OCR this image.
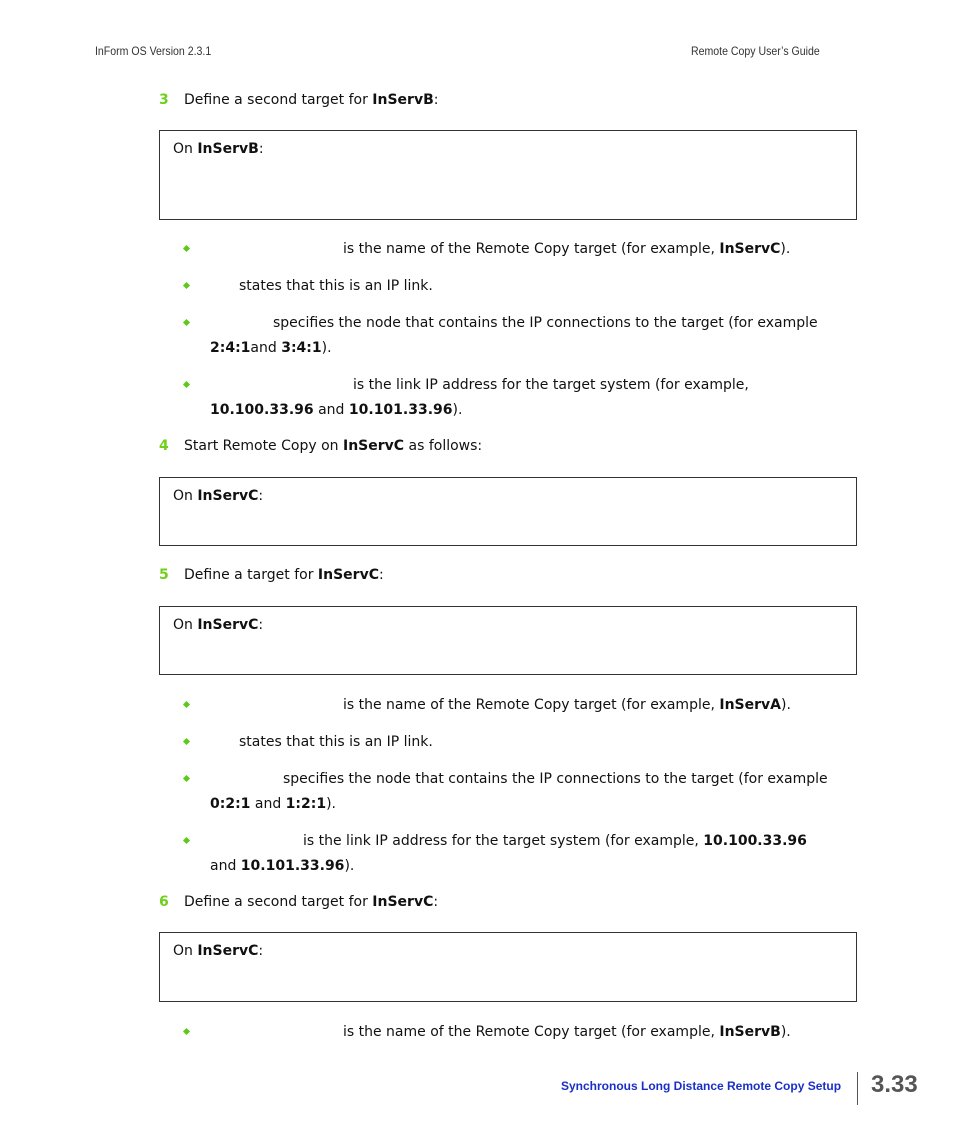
InForm OS Version 2.3.1	Remote Copy User’s Guide
3 Define a second target for InServB:
On InServB:
is the name of the Remote Copy target (for example, InServC).
states that this is an IP link.
specifies the node that contains the IP connections to the target (for example
2:4:1and 3:4:1).
is the link IP address for the target system (for example,
10.100.33.96 and 10.101.33.96).
4 Start Remote Copy on InServC as follows:
On InServC:
5 Define a target for InServC:
On InServC:
is the name of the Remote Copy target (for example, InServA).
states that this is an IP link.
specifies the node that contains the IP connections to the target (for example
0:2:1 and 1:2:1).
is the link IP address for the target system (for example, 10.100.33.96
and 10.101.33.96).
6 Define a second target for InServC:
On InServC:
is the name of the Remote Copy target (for example, InServB).
Synchronous Long Distance Remote Copy Setup 3.33
